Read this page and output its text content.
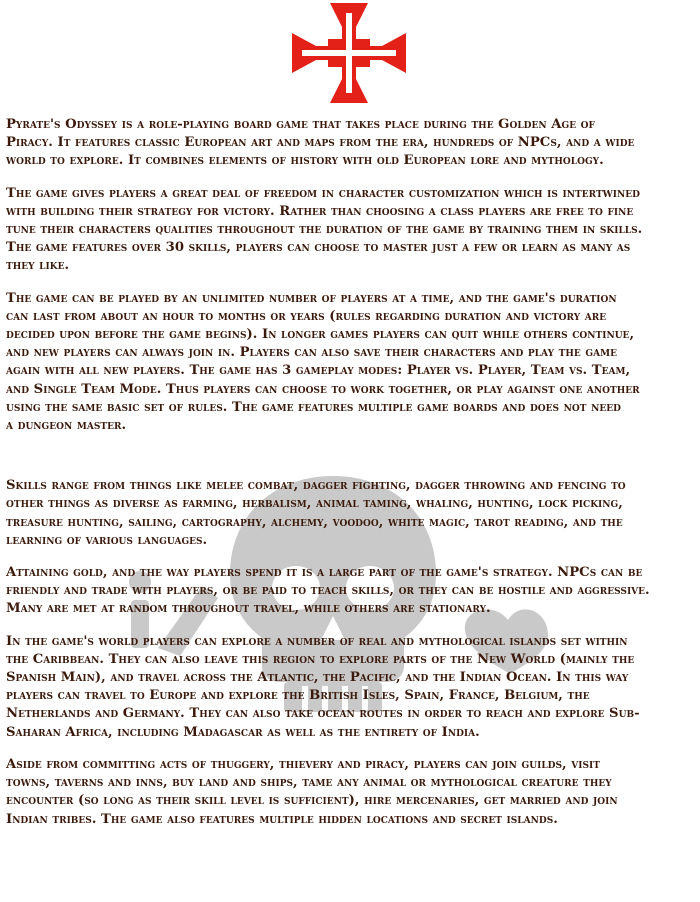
Pyrate's Odyssey is a role-playing board game that takes place during the Golden Age of
Piracy. It features classic European art and maps from the era, hundreds of NPCs, and a wide
world to explore. It combines elements of history with old European lore and mythology.

The game gives players a great deal of freedom in character customization which is intertwined
with building their strategy for victory. Rather than choosing a class players are free to fine
tune their characters qualities throughout the duration of the game by training them in skills.
The game features over 30 skills, players can choose to master just a few or learn as many as
they like.

The game can be played by an unlimited number of players at a time, and the game's duration
can last from about an hour to months or years (rules regarding duration and victory are
decided upon before the game begins). In longer games players can quit while others continue,
and new players can always join in. Players can also save their characters and play the game
again with all new players. The game has 3 gameplay modes: Player vs. Player, Team vs. Team,
and Single Team Mode. Thus players can choose to work together, or play against one another
using the same basic set of rules. The game features multiple game boards and does not need
a dungeon master.

Skills range from things like melee combat, dagger fighting, dagger throwing and fencing to
other things as diverse as farming, herbalism, animal taming, whaling, hunting, lock picking,
treasure hunting, sailing, cartography, alchemy, voodoo, white magic, tarot reading, and the
learning of various languages.

Attaining gold, and the way players spend it is a large part of the game's strategy. NPCs can be
friendly and trade with players, or be paid to teach skills, or they can be hostile and aggressive.
Many are met at random throughout travel, while others are stationary.

In the game's world players can explore a number of real and mythological islands set within
the Caribbean. They can also leave this region to explore parts of the New World (mainly the
Spanish Main), and travel across the Atlantic, the Pacific, and the Indian Ocean. In this way
players can travel to Europe and explore the British Isles, Spain, France, Belgium, the
Netherlands and Germany. They can also take ocean routes in order to reach and explore Sub-
Saharan Africa, including Madagascar as well as the entirety of India.

Aside from committing acts of thuggery, thievery and piracy, players can join guilds, visit
towns, taverns and inns, buy land and ships, tame any animal or mythological creature they
encounter (so long as their skill level is sufficient), hire mercenaries, get married and join
Indian tribes. The game also features multiple hidden locations and secret islands.
